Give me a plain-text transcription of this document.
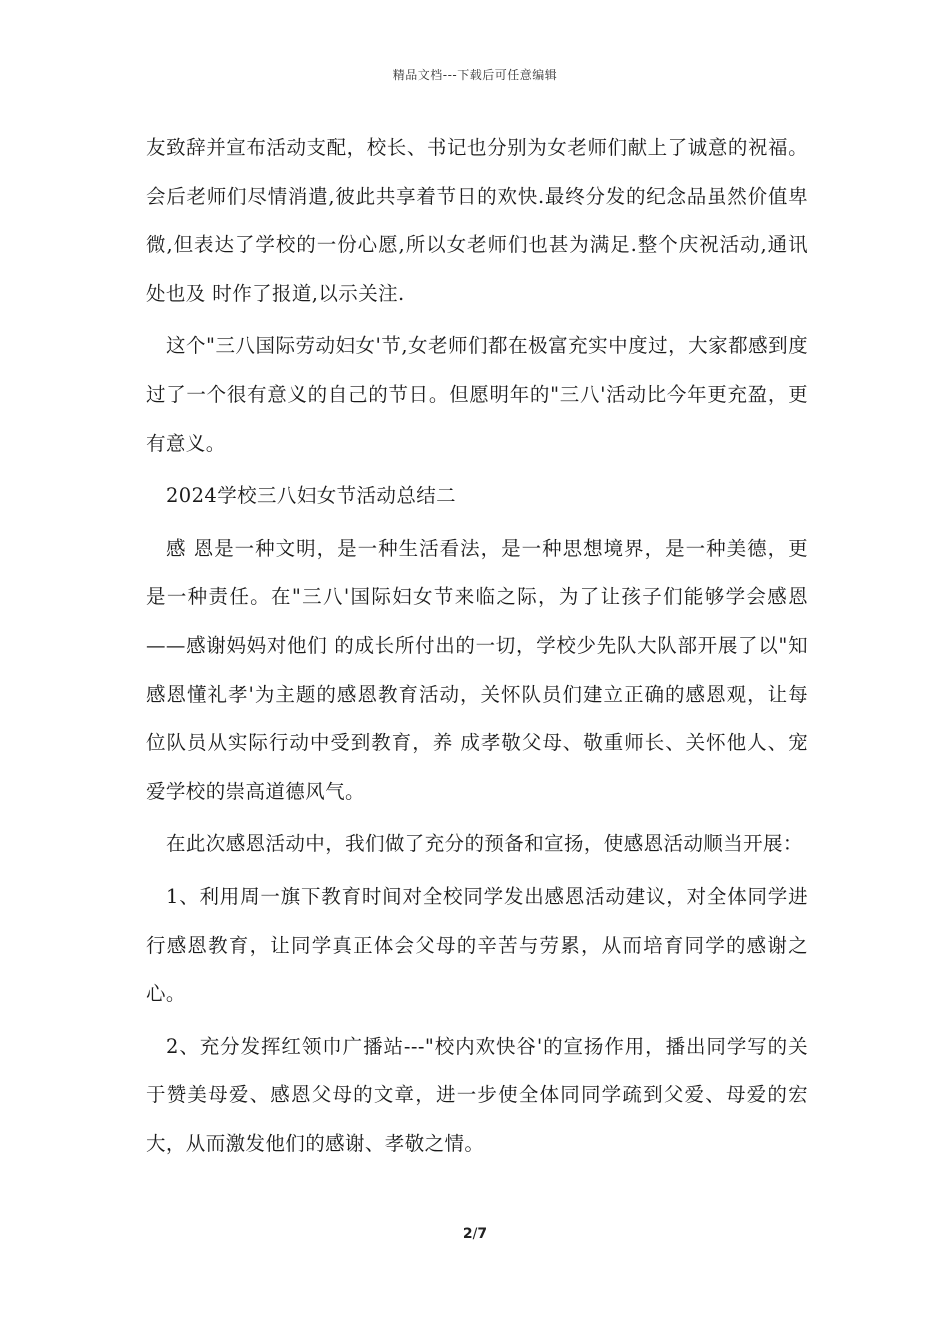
精品文档---下载后可任意编辑

友致辞并宣布活动支配，校长、书记也分别为女老师们献上了诚意的祝福。 会后老师们尽情消遣,彼此共享着节日的欢快.最终分发的纪念品虽然价值卑微,但表达了学校的一份心愿,所以女老师们也甚为满足.整个庆祝活动,通讯处也及 时作了报道,以示关注.

这个"三八国际劳动妇女'节,女老师们都在极富充实中度过，大家都感到度过了一个很有意义的自己的节日。但愿明年的"三八'活动比今年更充盈，更有意义。

2024学校三八妇女节活动总结二

感 恩是一种文明，是一种生活看法，是一种思想境界，是一种美德，更是一种责任。在"三八'国际妇女节来临之际，为了让孩子们能够学会感恩——感谢妈妈对他们 的成长所付出的一切，学校少先队大队部开展了以"知感恩懂礼孝'为主题的感恩教育活动，关怀队员们建立正确的感恩观，让每位队员从实际行动中受到教育，养 成孝敬父母、敬重师长、关怀他人、宠爱学校的崇高道德风气。

在此次感恩活动中，我们做了充分的预备和宣扬，使感恩活动顺当开展：

1、利用周一旗下教育时间对全校同学发出感恩活动建议，对全体同学进行感恩教育，让同学真正体会父母的辛苦与劳累，从而培育同学的感谢之心。

2、充分发挥红领巾广播站---"校内欢快谷'的宣扬作用，播出同学写的关于赞美母爱、感恩父母的文章，进一步使全体同同学疏到父爱、母爱的宏大，从而激发他们的感谢、孝敬之情。

2/7
